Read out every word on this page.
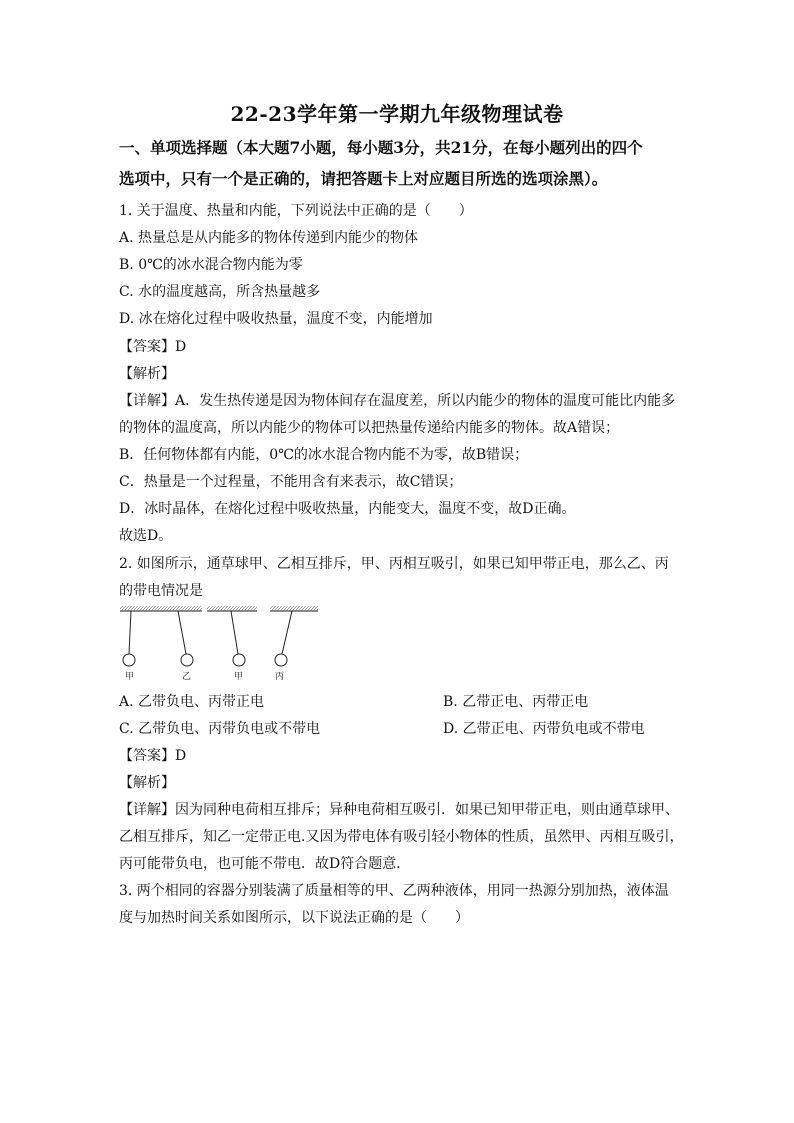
22-23学年第一学期九年级物理试卷
一、单项选择题（本大题7小题，每小题3分，共21分，在每小题列出的四个
选项中，只有一个是正确的，请把答题卡上对应题目所选的选项涂黑）。
1. 关于温度、热量和内能，下列说法中正确的是（　　）
A. 热量总是从内能多的物体传递到内能少的物体
B. 0℃的冰水混合物内能为零
C. 水的温度越高，所含热量越多
D. 冰在熔化过程中吸收热量，温度不变，内能增加
【答案】D
【解析】
【详解】A．发生热传递是因为物体间存在温度差，所以内能少的物体的温度可能比内能多
的物体的温度高，所以内能少的物体可以把热量传递给内能多的物体。故A错误；
B．任何物体都有内能，0℃的冰水混合物内能不为零，故B错误；
C．热量是一个过程量，不能用含有来表示，故C错误；
D．冰时晶体，在熔化过程中吸收热量，内能变大，温度不变，故D正确。
故选D。
2. 如图所示，通草球甲、乙相互排斥，甲、丙相互吸引，如果已知甲带正电，那么乙、丙
的带电情况是
甲	乙	甲	丙
A. 乙带负电、丙带正电	B. 乙带正电、丙带正电
C. 乙带负电、丙带负电或不带电	D. 乙带正电、丙带负电或不带电
【答案】D
【解析】
【详解】因为同种电荷相互排斥；异种电荷相互吸引．如果已知甲带正电，则由通草球甲、
乙相互排斥，知乙一定带正电.又因为带电体有吸引轻小物体的性质，虽然甲、丙相互吸引，
丙可能带负电，也可能不带电．故D符合题意．
3. 两个相同的容器分别装满了质量相等的甲、乙两种液体，用同一热源分别加热，液体温
度与加热时间关系如图所示，以下说法正确的是（　　）
